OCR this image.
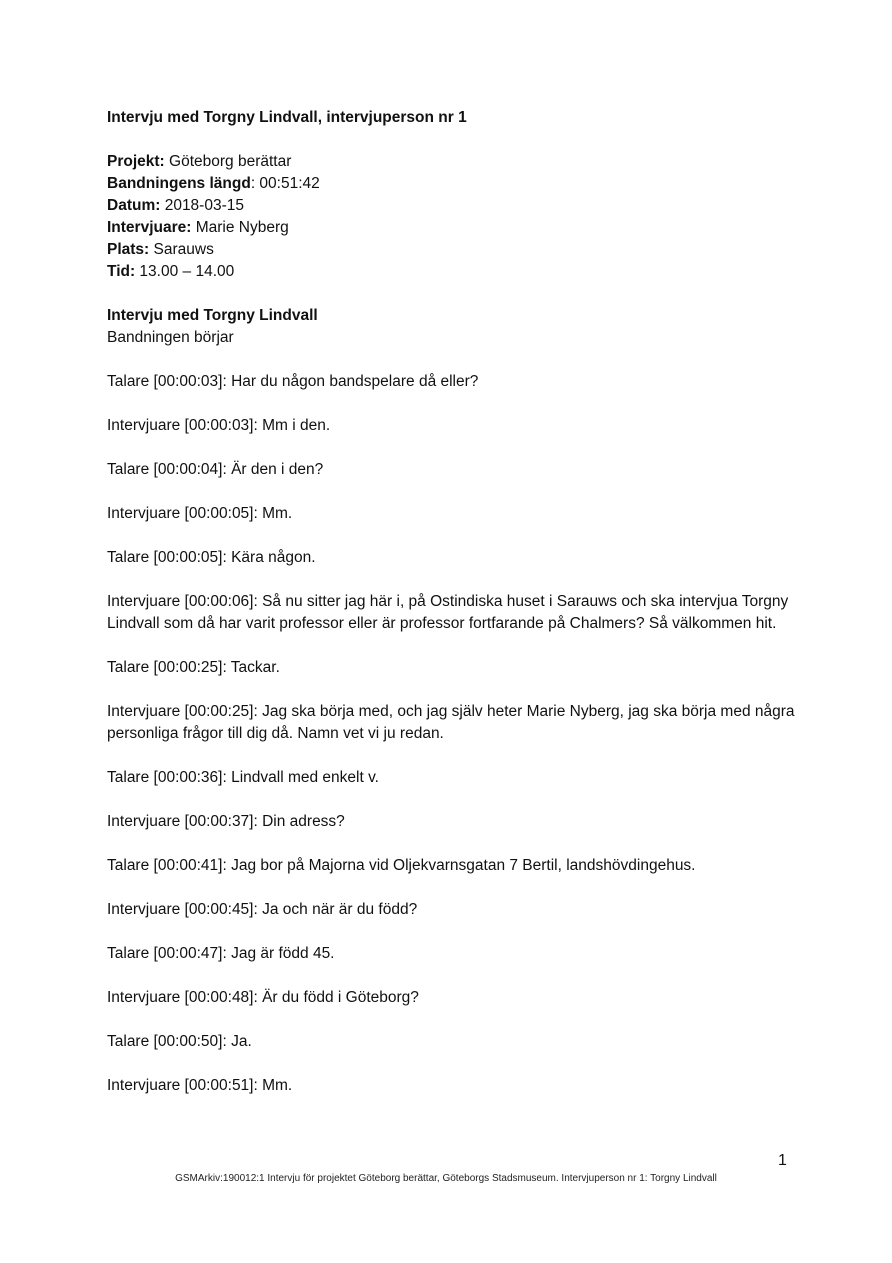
Intervju med Torgny Lindvall, intervjuperson nr 1
Projekt: Göteborg berättar
Bandningens längd: 00:51:42
Datum: 2018-03-15
Intervjuare: Marie Nyberg
Plats: Sarauws
Tid: 13.00 – 14.00
Intervju med Torgny Lindvall
Bandningen börjar
Talare [00:00:03]: Har du någon bandspelare då eller?
Intervjuare [00:00:03]: Mm i den.
Talare [00:00:04]: Är den i den?
Intervjuare [00:00:05]: Mm.
Talare [00:00:05]: Kära någon.
Intervjuare [00:00:06]: Så nu sitter jag här i, på Ostindiska huset i Sarauws och ska intervjua Torgny Lindvall som då har varit professor eller är professor fortfarande på Chalmers? Så välkommen hit.
Talare [00:00:25]: Tackar.
Intervjuare [00:00:25]: Jag ska börja med, och jag själv heter Marie Nyberg, jag ska börja med några personliga frågor till dig då. Namn vet vi ju redan.
Talare [00:00:36]: Lindvall med enkelt v.
Intervjuare [00:00:37]: Din adress?
Talare [00:00:41]: Jag bor på Majorna vid Oljekvarnsgatan 7 Bertil, landshövdingehus.
Intervjuare [00:00:45]: Ja och när är du född?
Talare [00:00:47]: Jag är född 45.
Intervjuare [00:00:48]: Är du född i Göteborg?
Talare [00:00:50]: Ja.
Intervjuare [00:00:51]: Mm.
1
GSMArkiv:190012:1 Intervju för projektet Göteborg berättar, Göteborgs Stadsmuseum. Intervjuperson nr 1: Torgny Lindvall
